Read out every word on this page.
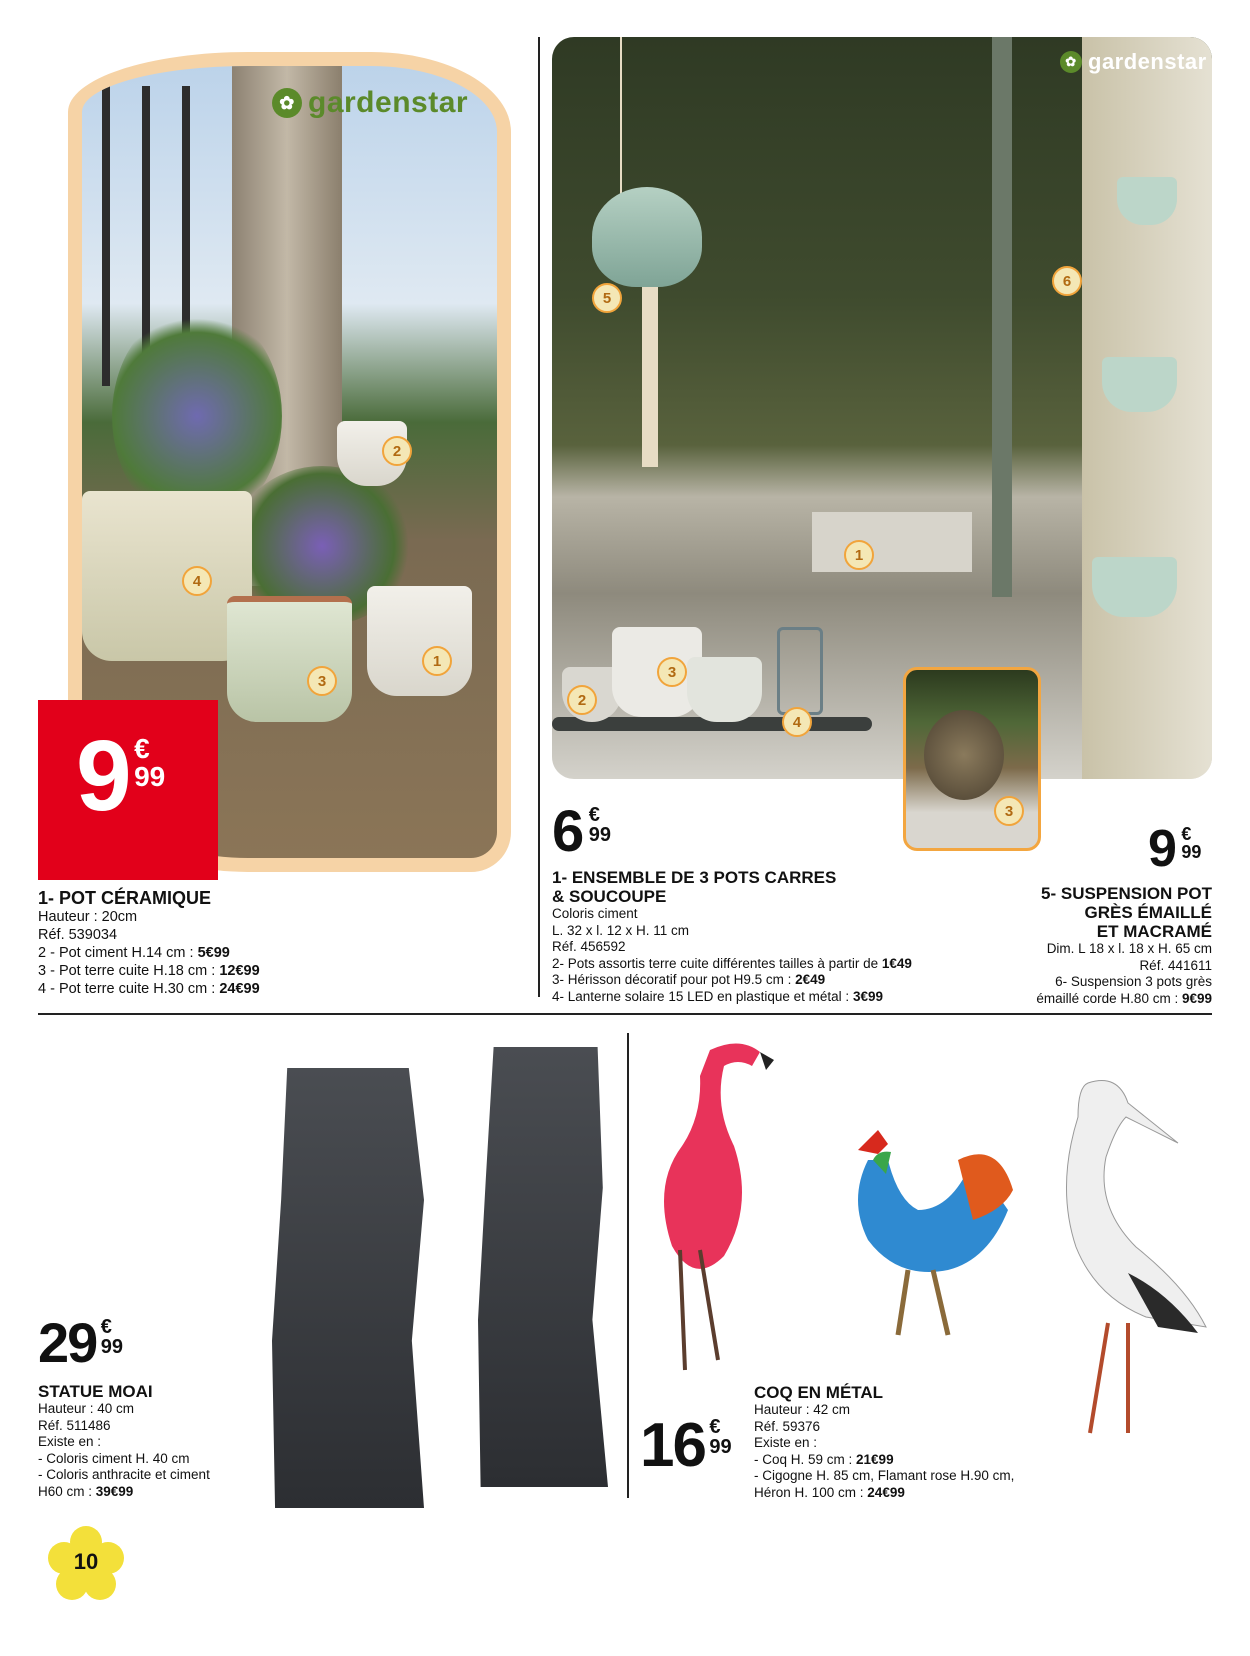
4
2
3
1
✿ gardenstar
9 €
99
1- POT CÉRAMIQUE
Hauteur : 20cm
Réf. 539034
2 - Pot ciment H.14 cm : 5€99
3 - Pot terre cuite H.18 cm : 12€99
4 - Pot terre cuite H.30 cm : 24€99
5
1
2
3
4
6
✿ gardenstar
3
6 €
99
1- ENSEMBLE DE 3 POTS CARRES
& SOUCOUPE
Coloris ciment
L. 32 x l. 12 x H. 11 cm
Réf. 456592
2- Pots assortis terre cuite différentes tailles à partir de 1€49
3- Hérisson décoratif pour pot H9.5 cm : 2€49
4- Lanterne solaire 15 LED en plastique et métal : 3€99
9 €
99
5- SUSPENSION POT
GRÈS ÉMAILLÉ
ET MACRAMÉ
Dim. L 18 x l. 18 x H. 65 cm
Réf. 441611
6- Suspension 3 pots grès
émaillé corde H.80 cm : 9€99
29 €
99
STATUE MOAI
Hauteur : 40 cm
Réf. 511486
Existe en :
- Coloris ciment H. 40 cm
- Coloris anthracite et ciment
H60 cm : 39€99
16 €
99
COQ EN MÉTAL
Hauteur : 42 cm
Réf. 59376
Existe en :
- Coq H. 59 cm : 21€99
- Cigogne H. 85 cm, Flamant rose H.90 cm,
Héron H. 100 cm : 24€99
10
